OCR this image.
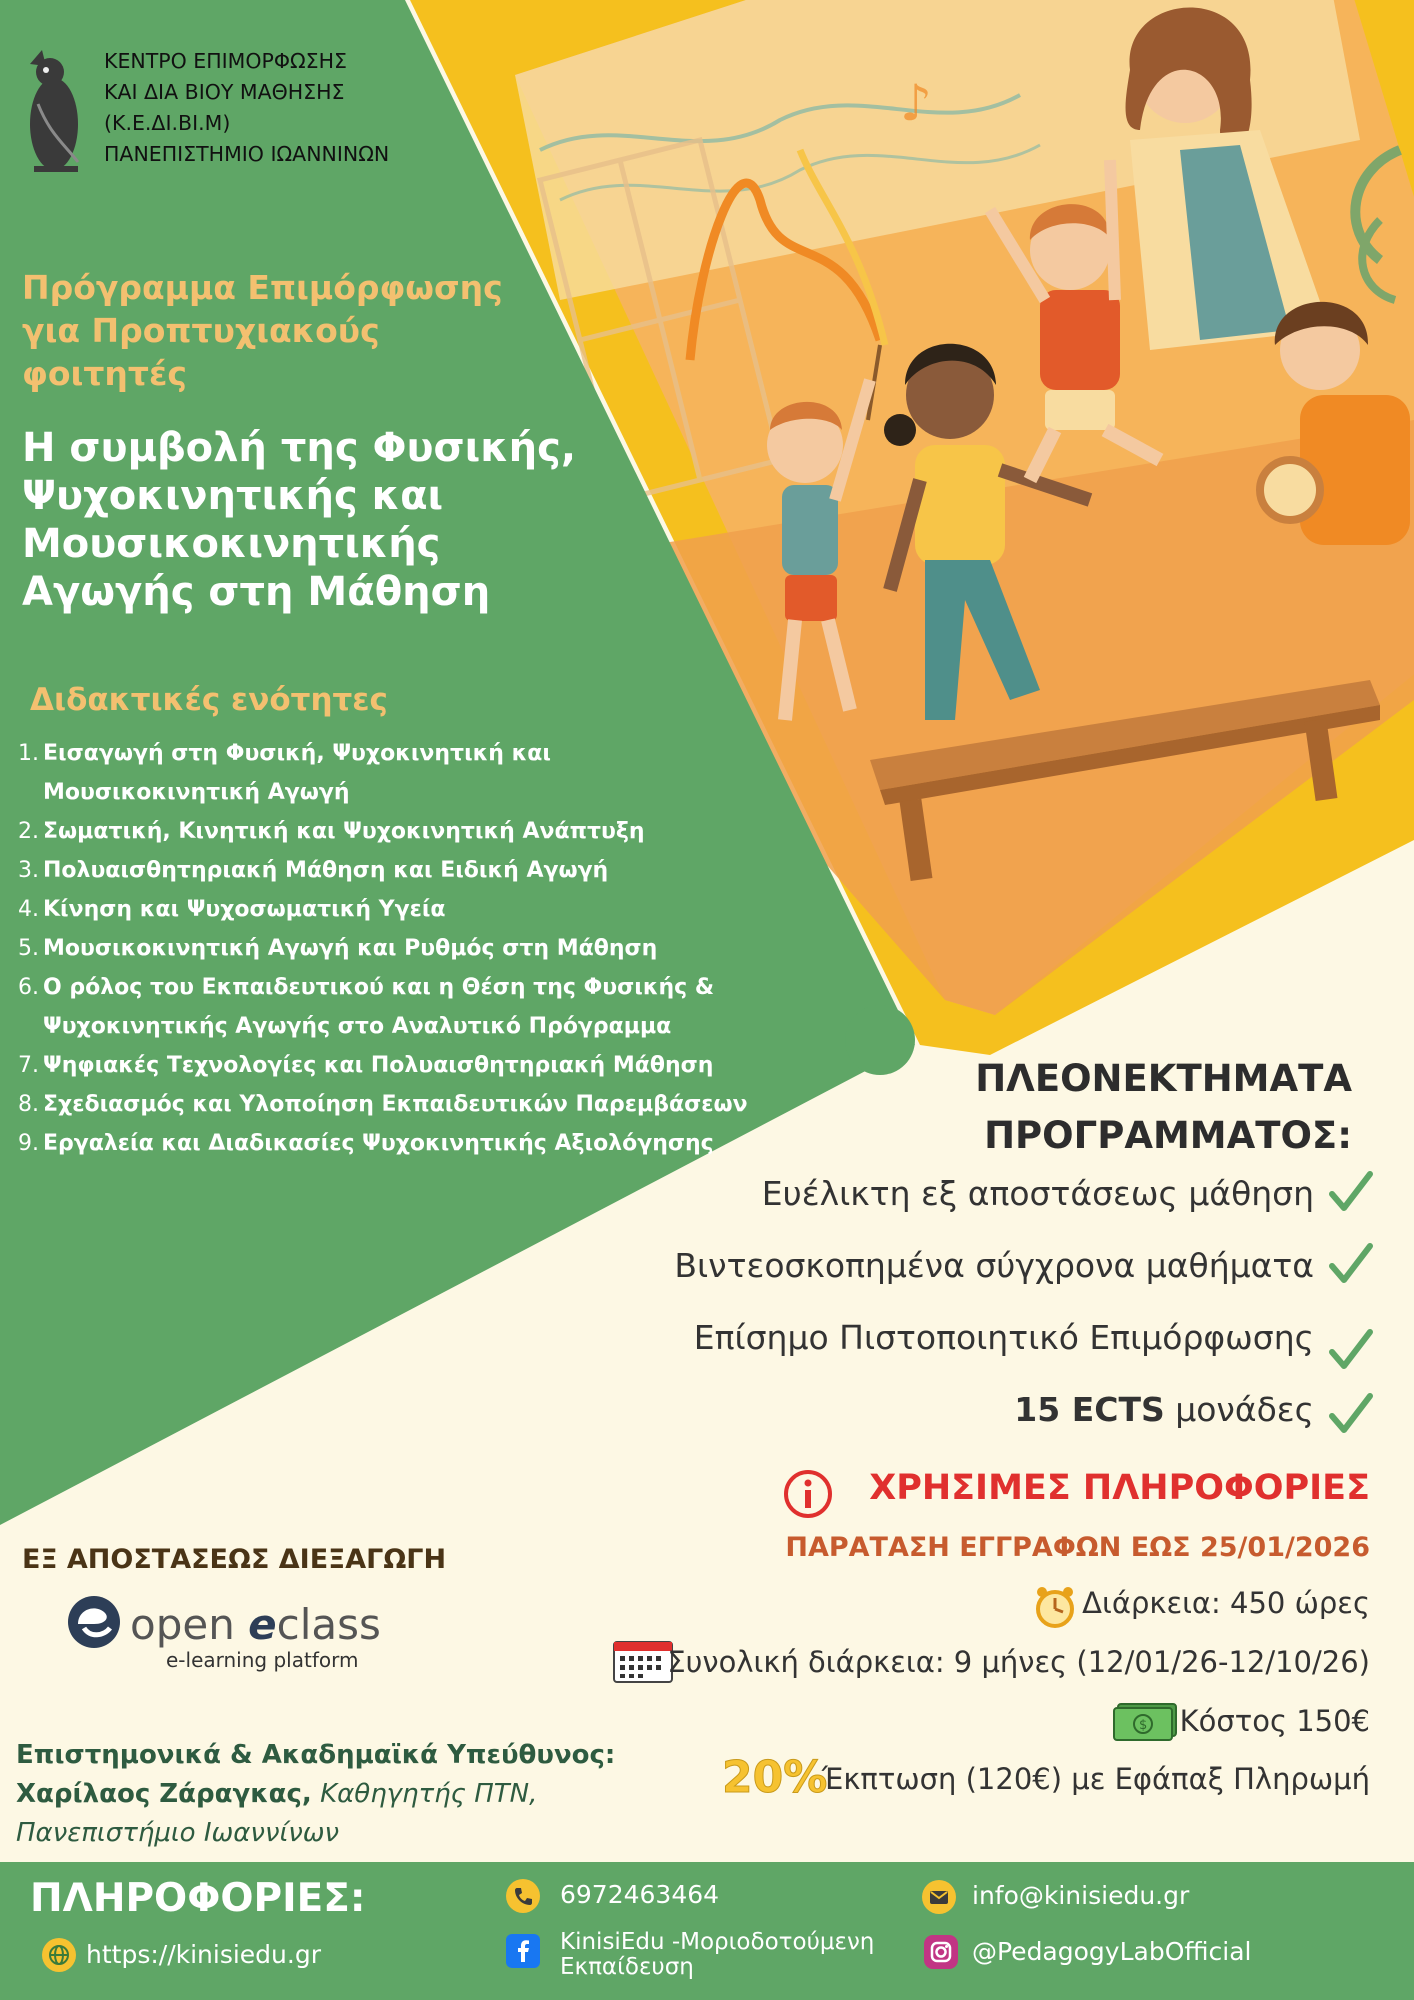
♪
ΚΕΝΤΡΟ ΕΠΙΜΟΡΦΩΣΗΣ
ΚΑΙ ΔΙΑ ΒΙΟΥ ΜΑΘΗΣΗΣ
(Κ.Ε.ΔΙ.ΒΙ.Μ)
ΠΑΝΕΠΙΣΤΗΜΙΟ ΙΩΑΝΝΙΝΩΝ
Πρόγραμμα Επιμόρφωσης
για Προπτυχιακούς
φοιτητές
Η συμβολή της Φυσικής,
Ψυχοκινητικής και
Μουσικοκινητικής
Αγωγής στη Μάθηση
Διδακτικές ενότητες
1. Εισαγωγή στη Φυσική, Ψυχοκινητική και
Μουσικοκινητική Αγωγή
2. Σωματική, Κινητική και Ψυχοκινητική Ανάπτυξη
3. Πολυαισθητηριακή Μάθηση και Ειδική Αγωγή
4. Κίνηση και Ψυχοσωματική Υγεία
5. Μουσικοκινητική Αγωγή και Ρυθμός στη Μάθηση
6. Ο ρόλος του Εκπαιδευτικού και η Θέση της Φυσικής &
Ψυχοκινητικής Αγωγής στο Αναλυτικό Πρόγραμμα
7. Ψηφιακές Τεχνολογίες και Πολυαισθητηριακή Μάθηση
8. Σχεδιασμός και Υλοποίηση Εκπαιδευτικών Παρεμβάσεων
9. Εργαλεία και Διαδικασίες Ψυχοκινητικής Αξιολόγησης
ΠΛΕΟΝΕΚΤΗΜΑΤΑ
ΠΡΟΓΡΑΜΜΑΤΟΣ:
Ευέλικτη εξ αποστάσεως μάθηση
Βιντεοσκοπημένα σύγχρονα μαθήματα
Επίσημο Πιστοποιητικό Επιμόρφωσης
15 ECTS μονάδες
ΧΡΗΣΙΜΕΣ ΠΛΗΡΟΦΟΡΙΕΣ
ΠΑΡΑΤΑΣΗ ΕΓΓΡΑΦΩΝ ΕΩΣ 25/01/2026
Διάρκεια: 450 ώρες
Συνολική διάρκεια: 9 μήνες (12/01/26-12/10/26)
$ Κόστος 150€
20%
Έκπτωση (120€) με Εφάπαξ Πληρωμή
ΕΞ ΑΠΟΣΤΑΣΕΩΣ ΔΙΕΞΑΓΩΓΗ
open eclass
e-learning platform
Επιστημονικά & Ακαδημαϊκά Υπεύθυνος:
Χαρίλαος Ζάραγκας, Καθηγητής ΠΤΝ,
Πανεπιστήμιο Ιωαννίνων
ΠΛΗΡΟΦΟΡΙΕΣ:
https://kinisiedu.gr
6972463464
KinisiEdu -Μοριοδοτούμενη
Εκπαίδευση
info@kinisiedu.gr
@PedagogyLabOfficial
